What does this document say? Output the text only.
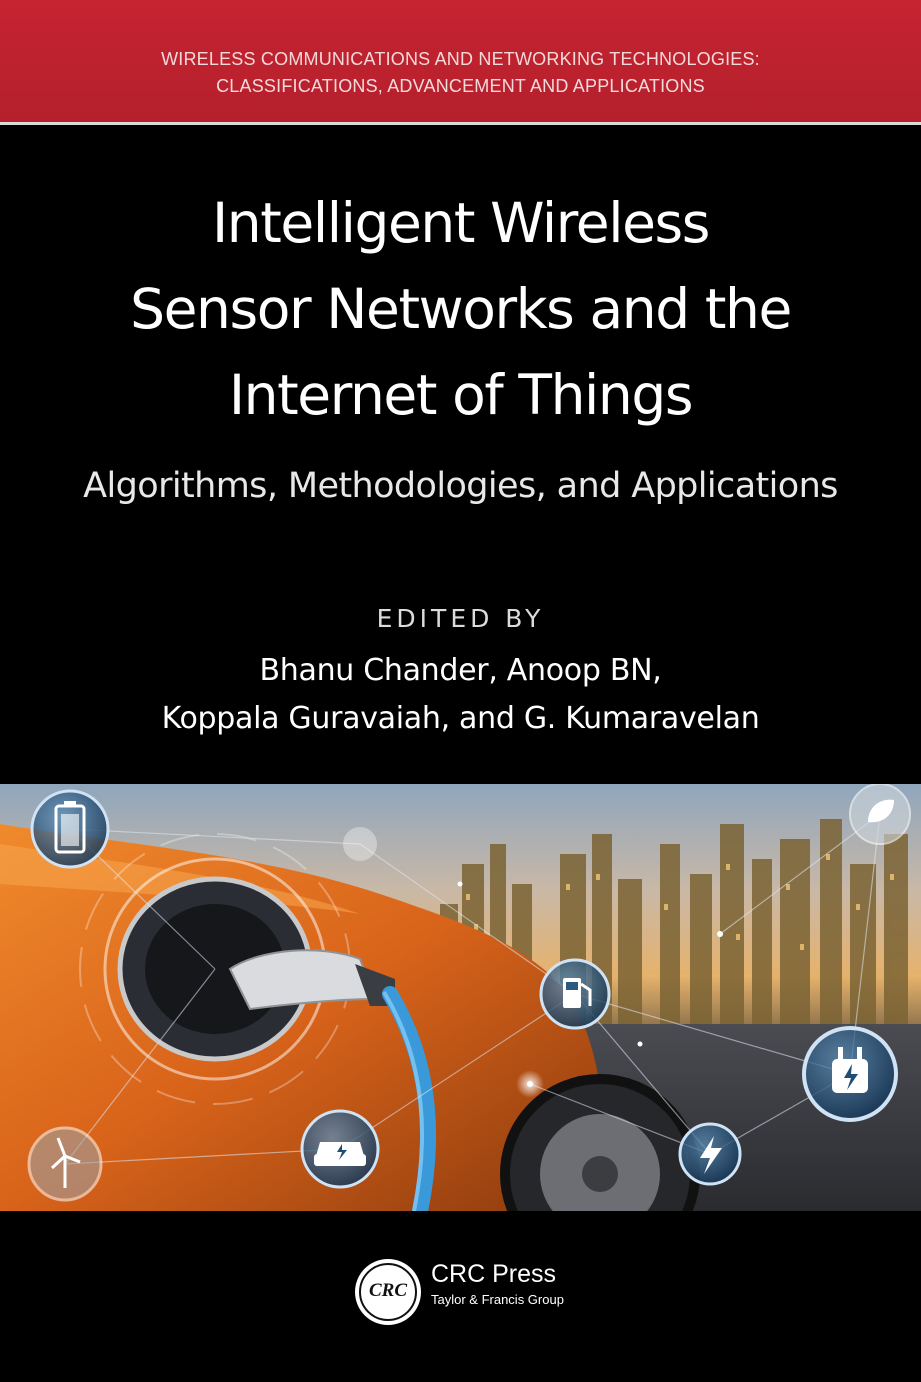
WIRELESS COMMUNICATIONS AND NETWORKING TECHNOLOGIES:
CLASSIFICATIONS, ADVANCEMENT AND APPLICATIONS
Intelligent Wireless
Sensor Networks and the
Internet of Things
Algorithms, Methodologies, and Applications
EDITED BY
Bhanu Chander, Anoop BN,
Koppala Guravaiah, and G. Kumaravelan
CRC
CRC Press
Taylor & Francis Group
